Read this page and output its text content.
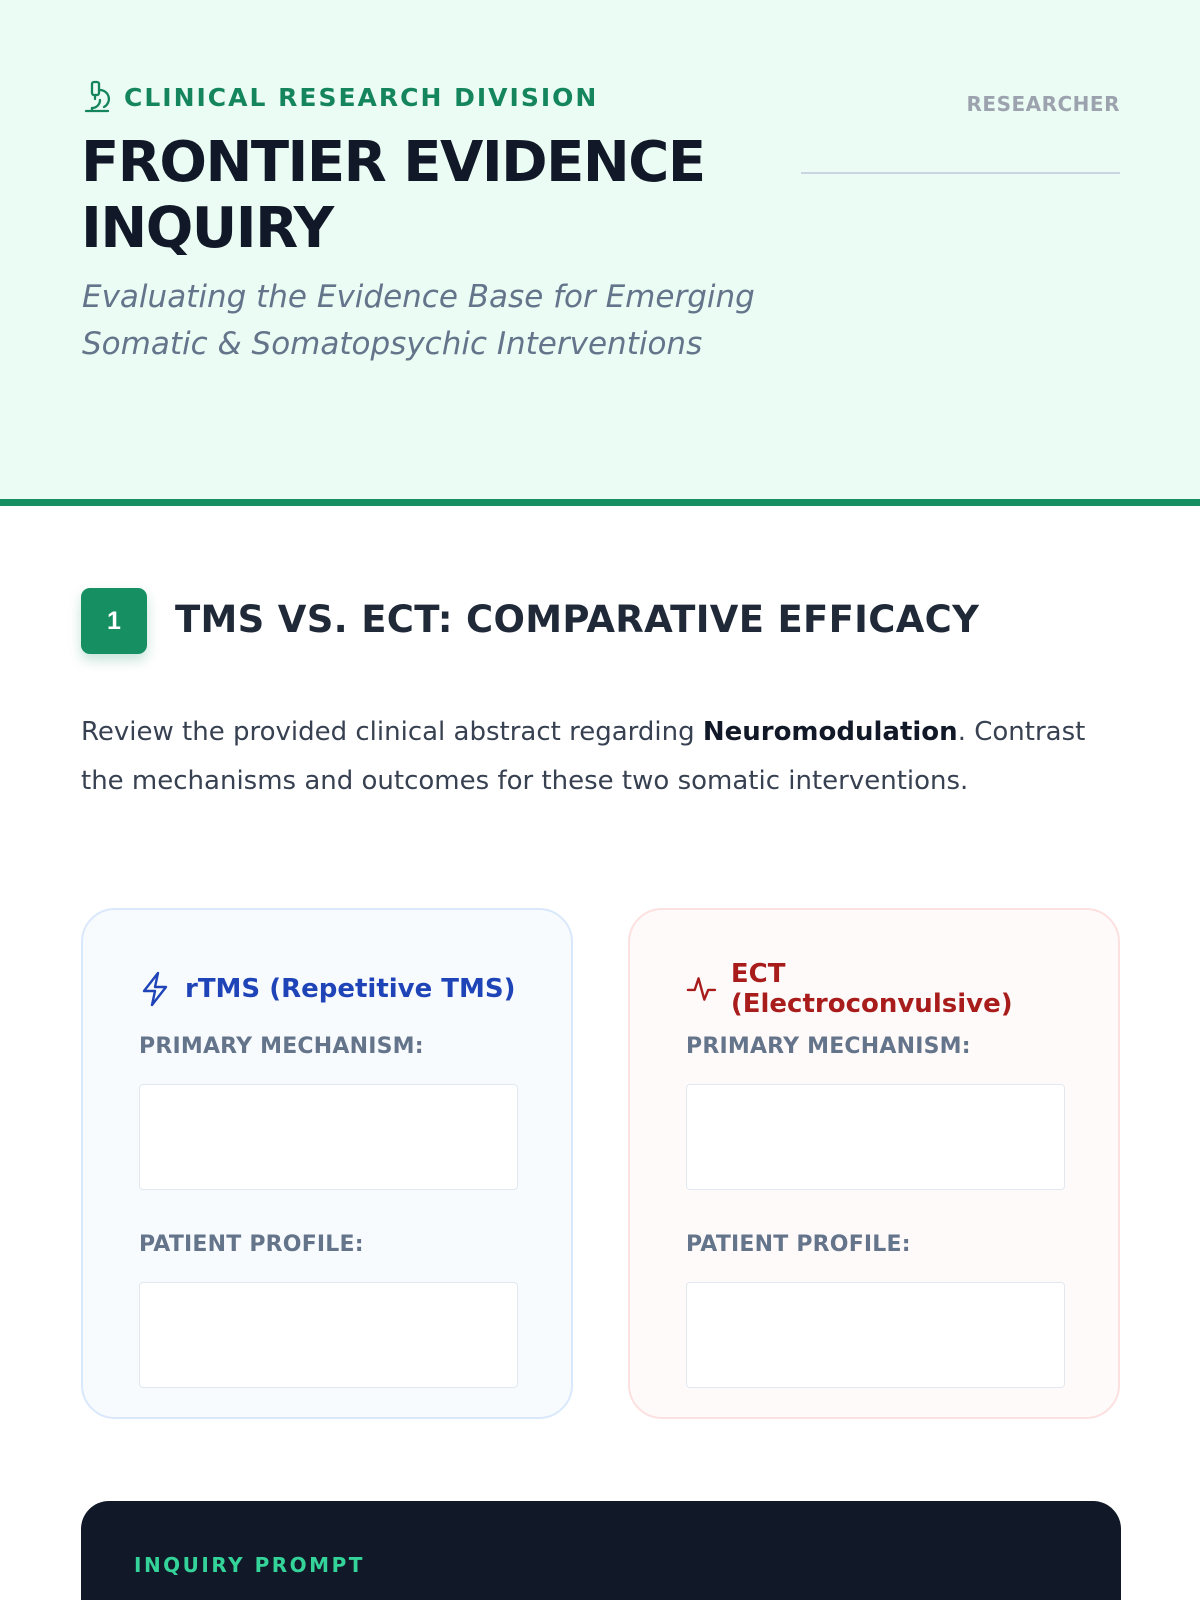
CLINICAL RESEARCH DIVISION	RESEARCHER
FRONTIER EVIDENCE INQUIRY

Evaluating the Evidence Base for Emerging Somatic & Somatopsychic Interventions

1	TMS VS. ECT: COMPARATIVE EFFICACY

Review the provided clinical abstract regarding Neuromodulation. Contrast the mechanisms and outcomes for these two somatic interventions.

rTMS (Repetitive TMS)
PRIMARY MECHANISM:
PATIENT PROFILE:
ECT (Electroconvulsive)
PRIMARY MECHANISM:
PATIENT PROFILE:
INQUIRY PROMPT
